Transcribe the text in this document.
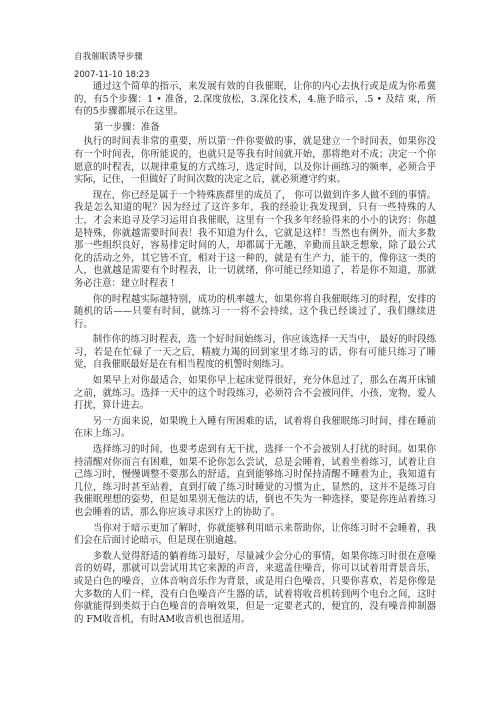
自我催眠诱导步骤
2007-11-10 18:23

通过这个简单的指示，来发展有效的自我催眠，让你的内心去执行或是成为你希冀的，有5个步骤：1 • 准备，2.深度放松，3.深化技术，4.施予暗示，.5 • 及结 束，所有的5步骤都展示在这里。

第一步骤：准备

执行的时间表非常的重要，所以第一件你要做的事，就是建立一个时间表，如果你没有一个时间表，你所能说的，也就只是等我有时间就开始，那将绝对不成；决定一个你愿意的时程表，以规律重复的方式练习，选定时间，以及你计画练习的频率，必须合乎实际，记住，一但做好了时间次数的决定之后，就必须遵守约束。

现在，你已经是属于一个特殊族群里的成员了， 你可以做到许多人做不到的事情。我是怎么知道的呢？因为经过了这许多年，我的经验让我发现到，只有一些特殊的人士，才会来追寻及学习运用自我催眠，这里有一个我多年经验得来的小小的诀窍：你越是特殊，你就越需要时间表！我不知道为什么，它就是这样！当然也有例外，而大多数那一些组织良好，容易排定时间的人，却都属于无趣，辛勤而且缺乏想象，除了最公式化的活动之外，其它皆不宜，相对于这一种的，就是有生产力，能干的，像你这一类的人，也就越是需要有个时程表，让一切就绪，你可能已经知道了，若是你不知道，那就务必注意：建立时程表 !

你的时程越实际越特别，成功的机率越大，如果你将自我催眠练习的时程，安排的随机的话——只要有时间，就练习一一将不会持续，这个我已经谈过了，我们继续进行。

制作你的练习时程表，选一个好时间始练习，你应该选择一天当中， 最好的时段练习，若是在忙碌了一天之后，精疲力竭的回到家里才练习的话，你有可能只练习了睡觉，自我催眠最好是在有相当程度的机警时刻练习。

如果早上对你最适合，如果你早上起床觉得很好，充分休息过了，那么在离开床铺之前，就练习。选择一天中的这个时段练习，必须符合不会被同伴，小孩，宠物，爱人打扰，算计进去。

另一方面来说，如果晚上入睡有所困难的话，试着将自我催眠练习时间，排在睡前在床上练习。

选择练习的时间，也要考虑到有无干扰，选择一个不会被别人打扰的时间。如果你持清醒对你而言有困难，如果不论你怎么尝试，总是会睡着，试着坐着练习，试着让自己练习时，慢慢调整不要那么的舒适，直到能够练习时保持清醒不睡着为止，我知道有几位，练习时甚至站着，直到打破了练习时睡觉的习惯为止，显然的，这并不是练习自我催眠理想的姿势，但是如果别无他法的话，倒也不失为一种选择，要是你连站着练习也会睡着的话，那么你应该寻求医疗上的协助了。

当你对于暗示更加了解时，你就能够利用暗示来帮助你，让你练习时不会睡着，我们会在后面讨论暗示，但是现在别逾越。

多数人觉得舒适的躺着练习最好，尽量减少会分心的事情，如果你练习时很在意噪音的妨碍，那就可以尝试用其它来源的声音，来遮盖住噪音，你可以试着用背景音乐，或是白色的噪音，立体音响音乐作为背景，或是用白色噪音，只要你喜欢，若是你像是大多数的人们一样，没有白色噪音产生器的话，试着将收音机转到两个电台之间，这时你就能得到类似于白色噪音的音响效果，但是一定要老式的，便宜的，没有噪音抑制器的 FM收音机，有时AM收音机也很适用。
